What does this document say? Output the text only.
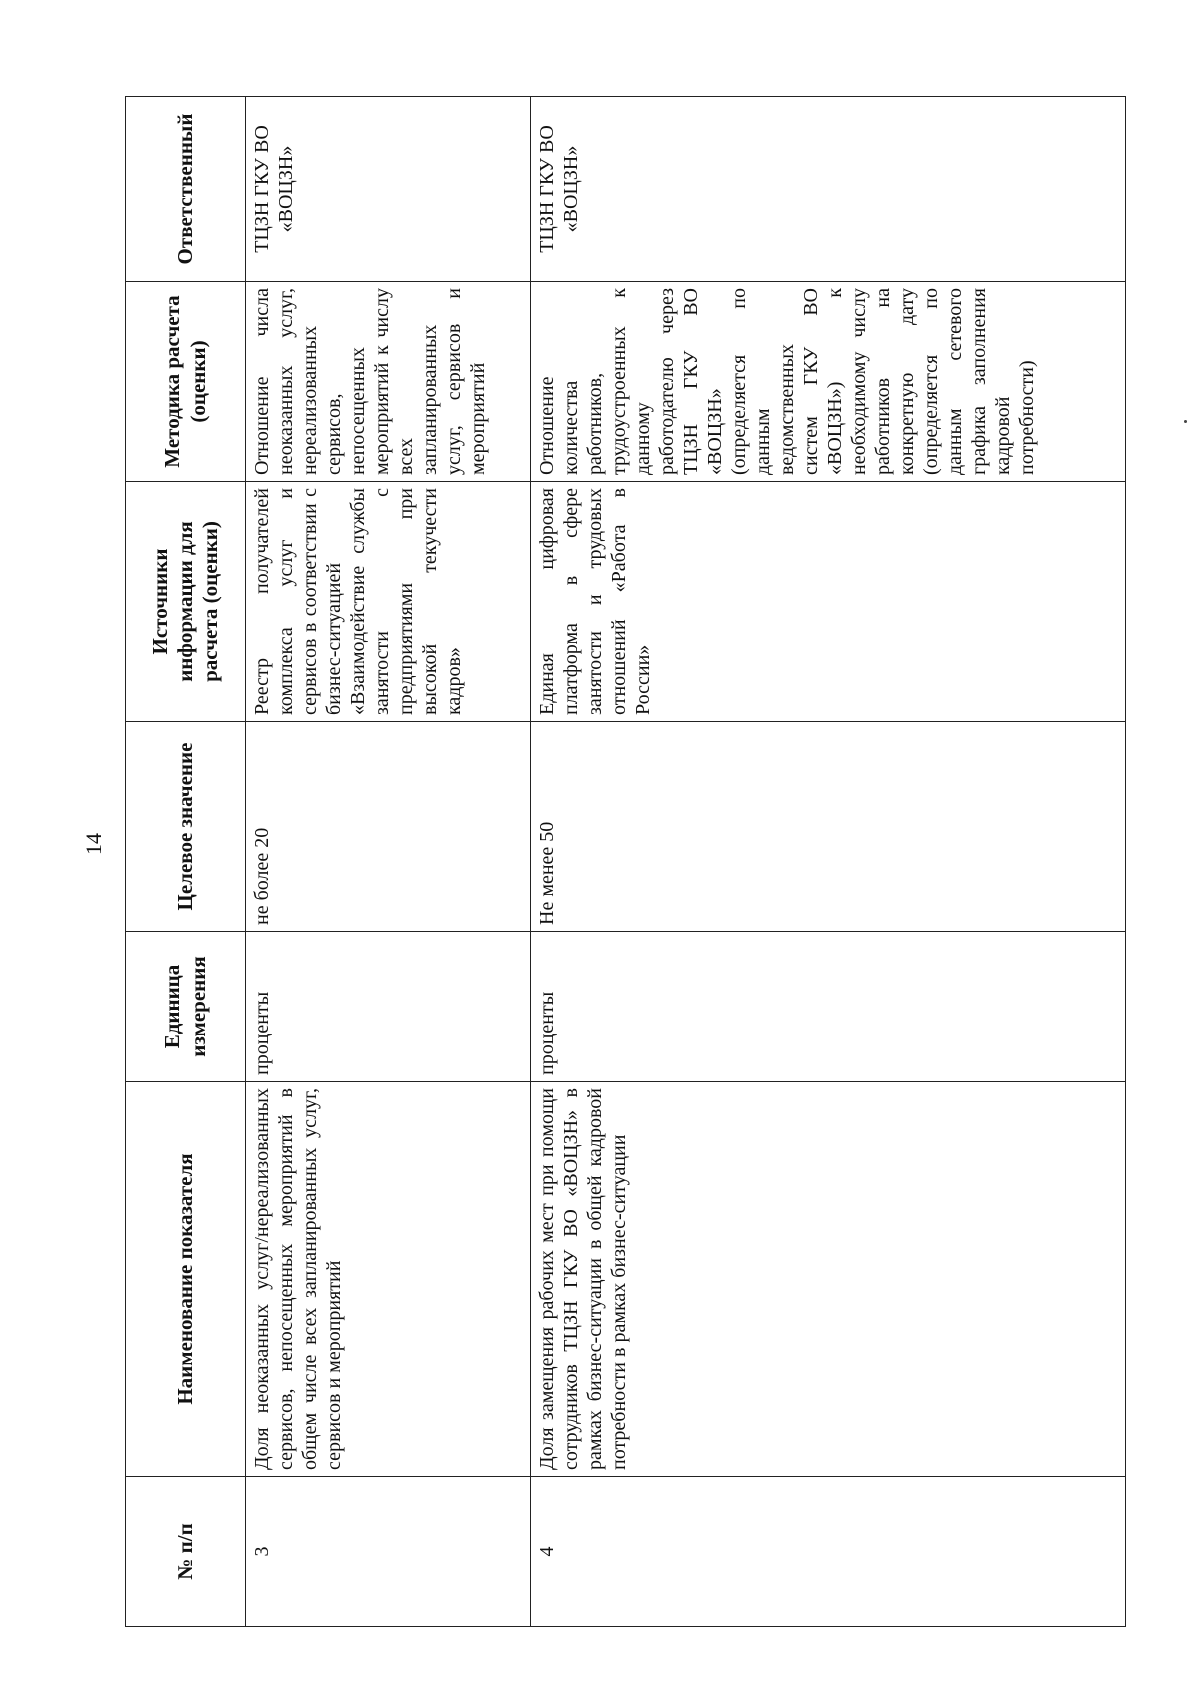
14
№ п/п	Наименование показателя	Единица измерения	Целевое значение	Источники информации для расчета (оценки)	Методика расчета (оценки)	Ответственный
3	Доля неоказанных услуг/нереализованных сервисов, непосещенных мероприятий в общем числе всех запланированных услуг, сервисов и мероприятий	проценты	не более 20	Реестр получателей комплекса услуг и сервисов в соответствии с бизнес-ситуацией «Взаимодействие службы занятости с предприятиями при высокой текучести кадров»	Отношение числа неоказанных услуг, нереализованных сервисов, непосещенных мероприятий к числу всех запланированных услуг, сервисов и мероприятий	ТЦЗН ГКУ ВО «ВОЦЗН»
4	Доля замещения рабочих мест при помощи сотрудников ТЦЗН ГКУ ВО «ВОЦЗН» в рамках бизнес-ситуации в общей кадровой потребности в рамках бизнес-ситуации	проценты	Не менее 50	Единая цифровая платформа в сфере занятости и трудовых отношений «Работа в России»	Отношение количества работников, трудоустроенных к данному работодателю через ТЦЗН ГКУ ВО «ВОЦЗН» (определяется по данным ведомственных систем ГКУ ВО «ВОЦЗН») к необходимому числу работников на конкретную дату (определяется по данным сетевого графика заполнения кадровой потребности)	ТЦЗН ГКУ ВО «ВОЦЗН»
